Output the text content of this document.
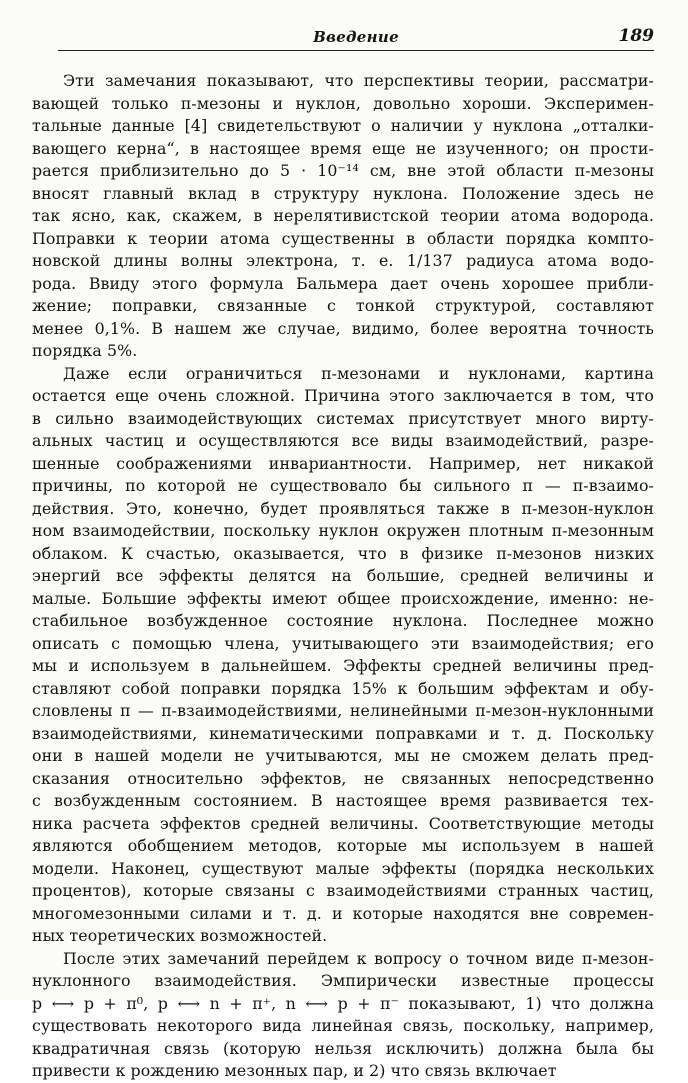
Введение	189
Эти замечания показывают, что перспективы теории, рассматри-
вающей только π-мезоны и нуклон, довольно хороши. Эксперимен-
тальные данные [4] свидетельствуют о наличии у нуклона „отталки-
вающего керна“, в настоящее время еще не изученного; он прости-
рается приблизительно до 5 · 10⁻¹⁴ см, вне этой области π-мезоны
вносят главный вклад в структуру нуклона. Положение здесь не
так ясно, как, скажем, в нерелятивистской теории атома водорода.
Поправки к теории атома существенны в области порядка компто-
новской длины волны электрона, т. е. 1/137 радиуса атома водо-
рода. Ввиду этого формула Бальмера дает очень хорошее прибли-
жение; поправки, связанные с тонкой структурой, составляют
менее 0,1%. В нашем же случае, видимо, более вероятна точность
порядка 5%.
Даже если ограничиться π-мезонами и нуклонами, картина
остается еще очень сложной. Причина этого заключается в том, что
в сильно взаимодействующих системах присутствует много вирту-
альных частиц и осуществляются все виды взаимодействий, разре-
шенные соображениями инвариантности. Например, нет никакой
причины, по которой не существовало бы сильного π — π-взаимо-
действия. Это, конечно, будет проявляться также в π-мезон-нуклон
ном взаимодействии, поскольку нуклон окружен плотным π-мезонным
облаком. К счастью, оказывается, что в физике π-мезонов низких
энергий все эффекты делятся на большие, средней величины и
малые. Большие эффекты имеют общее происхождение, именно: не-
стабильное возбужденное состояние нуклона. Последнее можно
описать с помощью члена, учитывающего эти взаимодействия; его
мы и используем в дальнейшем. Эффекты средней величины пред-
ставляют собой поправки порядка 15% к большим эффектам и обу-
словлены π — π-взаимодействиями, нелинейными π-мезон-нуклонными
взаимодействиями, кинематическими поправками и т. д. Поскольку
они в нашей модели не учитываются, мы не сможем делать пред-
сказания относительно эффектов, не связанных непосредственно
с возбужденным состоянием. В настоящее время развивается тех-
ника расчета эффектов средней величины. Соответствующие методы
являются обобщением методов, которые мы используем в нашей
модели. Наконец, существуют малые эффекты (порядка нескольких
процентов), которые связаны с взаимодействиями странных частиц,
многомезонными силами и т. д. и которые находятся вне современ-
ных теоретических возможностей.
После этих замечаний перейдем к вопросу о точном виде π-мезон-
нуклонного взаимодействия. Эмпирически известные процессы
p ⟷ p + π⁰, p ⟷ n + π⁺, n ⟷ p + π⁻ показывают, 1) что должна
существовать некоторого вида линейная связь, поскольку, например,
квадратичная связь (которую нельзя исключить) должна была бы
привести к рождению мезонных пар, и 2) что связь включает
